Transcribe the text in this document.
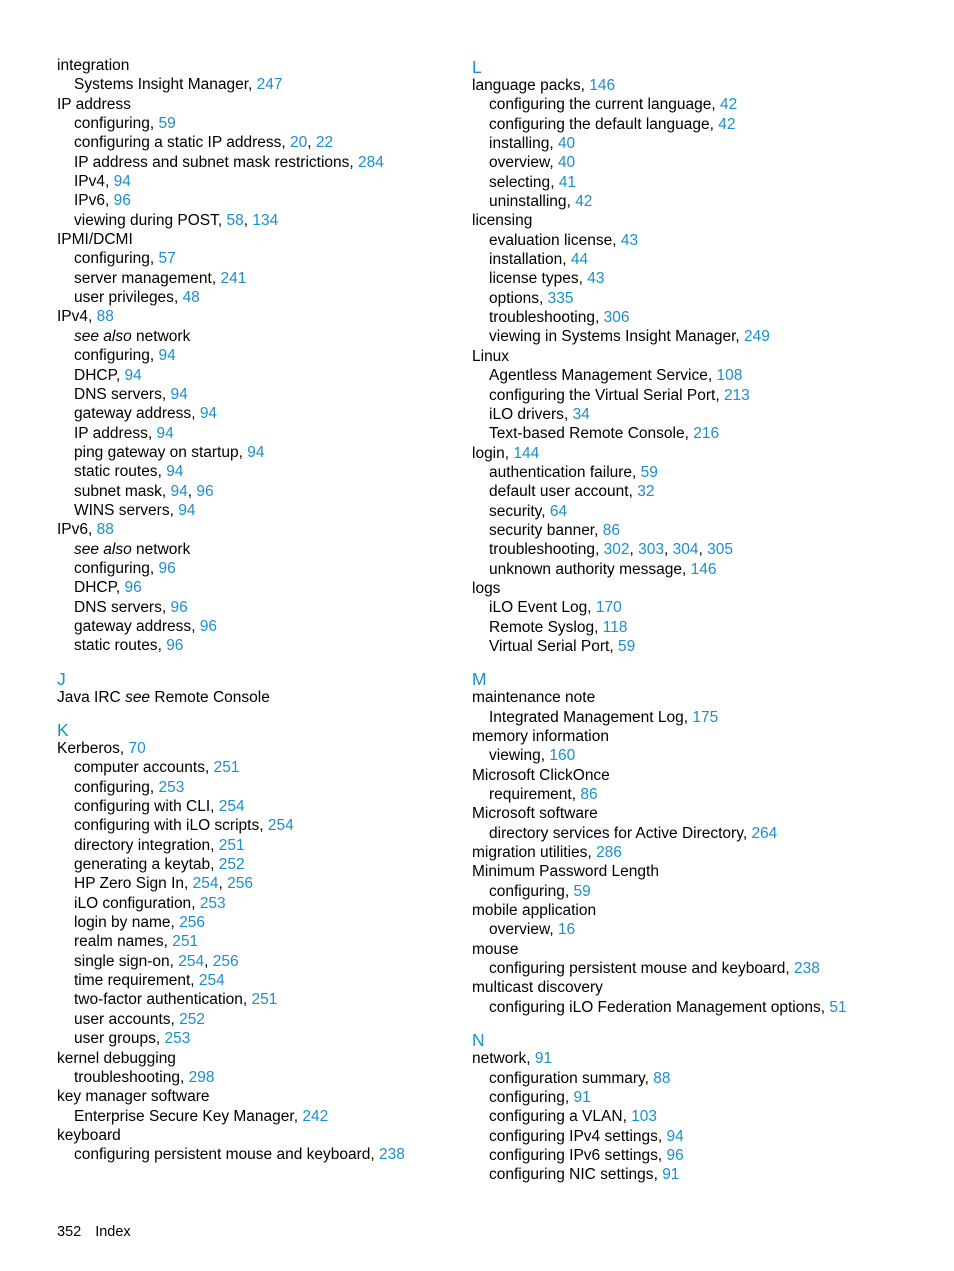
integration
Systems Insight Manager, 247
IP address
configuring, 59
configuring a static IP address, 20, 22
IP address and subnet mask restrictions, 284
IPv4, 94
IPv6, 96
viewing during POST, 58, 134
IPMI/DCMI
configuring, 57
server management, 241
user privileges, 48
IPv4, 88
see also network
configuring, 94
DHCP, 94
DNS servers, 94
gateway address, 94
IP address, 94
ping gateway on startup, 94
static routes, 94
subnet mask, 94, 96
WINS servers, 94
IPv6, 88
see also network
configuring, 96
DHCP, 96
DNS servers, 96
gateway address, 96
static routes, 96
J
Java IRC see Remote Console
K
Kerberos, 70
computer accounts, 251
configuring, 253
configuring with CLI, 254
configuring with iLO scripts, 254
directory integration, 251
generating a keytab, 252
HP Zero Sign In, 254, 256
iLO configuration, 253
login by name, 256
realm names, 251
single sign-on, 254, 256
time requirement, 254
two-factor authentication, 251
user accounts, 252
user groups, 253
kernel debugging
troubleshooting, 298
key manager software
Enterprise Secure Key Manager, 242
keyboard
configuring persistent mouse and keyboard, 238
L
language packs, 146
configuring the current language, 42
configuring the default language, 42
installing, 40
overview, 40
selecting, 41
uninstalling, 42
licensing
evaluation license, 43
installation, 44
license types, 43
options, 335
troubleshooting, 306
viewing in Systems Insight Manager, 249
Linux
Agentless Management Service, 108
configuring the Virtual Serial Port, 213
iLO drivers, 34
Text-based Remote Console, 216
login, 144
authentication failure, 59
default user account, 32
security, 64
security banner, 86
troubleshooting, 302, 303, 304, 305
unknown authority message, 146
logs
iLO Event Log, 170
Remote Syslog, 118
Virtual Serial Port, 59
M
maintenance note
Integrated Management Log, 175
memory information
viewing, 160
Microsoft ClickOnce
requirement, 86
Microsoft software
directory services for Active Directory, 264
migration utilities, 286
Minimum Password Length
configuring, 59
mobile application
overview, 16
mouse
configuring persistent mouse and keyboard, 238
multicast discovery
configuring iLO Federation Management options, 51
N
network, 91
configuration summary, 88
configuring, 91
configuring a VLAN, 103
configuring IPv4 settings, 94
configuring IPv6 settings, 96
configuring NIC settings, 91
352 Index
